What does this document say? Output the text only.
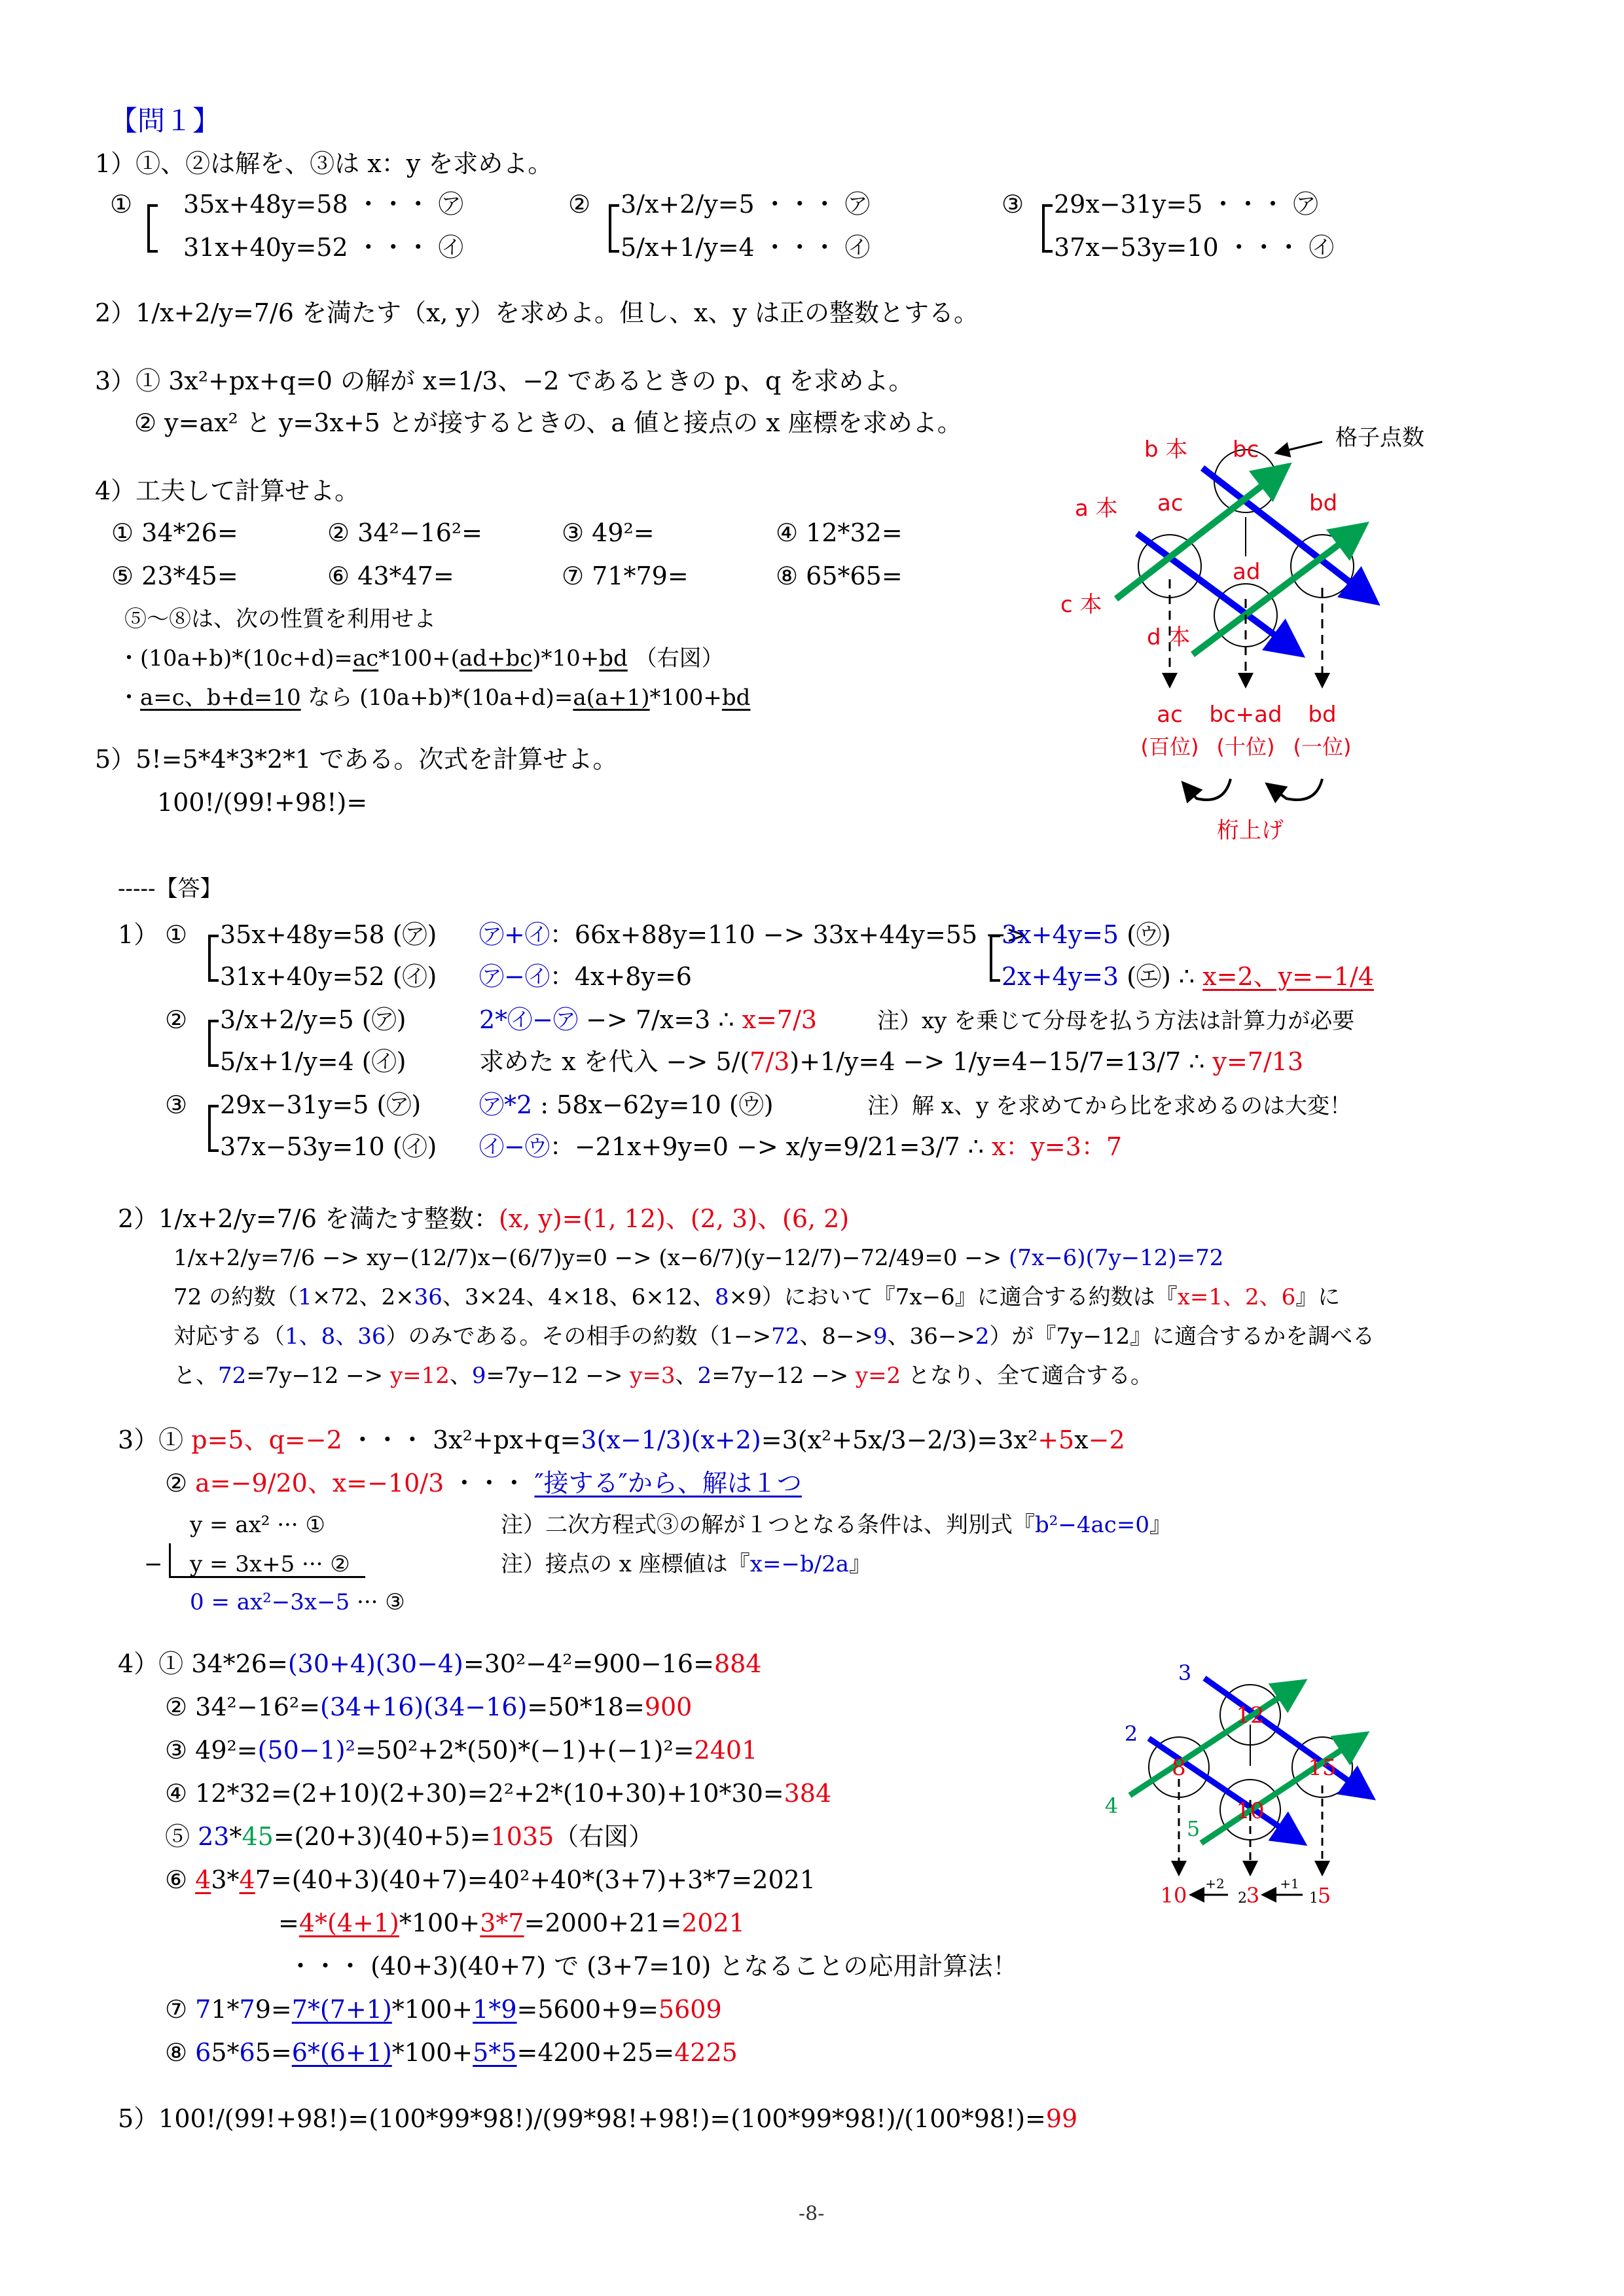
【問１】
1）①、②は解を、③は x：y を求めよ。
① 35x+48y=58 ・・・ ㋐
31x+40y=52 ・・・ ㋑
② 3/x+2/y=5 ・・・ ㋐
5/x+1/y=4 ・・・ ㋑
③ 29x−31y=5 ・・・ ㋐
37x−53y=10 ・・・ ㋑
2）1/x+2/y=7/6 を満たす（x, y）を求めよ。但し、x、y は正の整数とする。
3）① 3x²+px+q=0 の解が x=1/3、−2 であるときの p、q を求めよ。
② y=ax² と y=3x+5 とが接するときの、a 値と接点の x 座標を求めよ。
4）工夫して計算せよ。
① 34*26=	② 34²−16²=	③ 49²=	④ 12*32=
⑤ 23*45=	⑥ 43*47=	⑦ 71*79=	⑧ 65*65=
⑤〜⑧は、次の性質を利用せよ
・(10a+b)*(10c+d)=ac*100+(ad+bc)*10+bd （右図）
・a=c、b+d=10 なら (10a+b)*(10a+d)=a(a+1)*100+bd
5）5!=5*4*3*2*1 である。次式を計算せよ。
100!/(99!+98!)=
格子点数
b 本
a 本
c 本
d 本
bc
ac	bd
ad
ac bc+ad bd
(百位) (十位) (一位)
桁上げ
-----【答】
1） ① 35x+48y=58 (㋐)
31x+40y=52 (㋑)
㋐+㋑：66x+88y=110 −> 33x+44y=55 −>
㋐−㋑：4x+8y=6
3x+4y=5 (㋒)
2x+4y=3 (㋓) ∴ x=2、y=−1/4
② 3/x+2/y=5 (㋐)
5/x+1/y=4 (㋑)
2*㋑−㋐ −> 7/x=3 ∴ x=7/3	注）xy を乗じて分母を払う方法は計算力が必要
求めた x を代入 −> 5/(7/3)+1/y=4 −> 1/y=4−15/7=13/7 ∴ y=7/13
③ 29x−31y=5 (㋐)
37x−53y=10 (㋑)
㋐*2 : 58x−62y=10 (㋒)	注）解 x、y を求めてから比を求めるのは大変！
㋑−㋒：−21x+9y=0 −> x/y=9/21=3/7 ∴ x：y=3：7
2）1/x+2/y=7/6 を満たす整数：(x, y)=(1, 12)、(2, 3)、(6, 2)
1/x+2/y=7/6 −> xy−(12/7)x−(6/7)y=0 −> (x−6/7)(y−12/7)−72/49=0 −> (7x−6)(7y−12)=72
72 の約数（1×72、2×36、3×24、4×18、6×12、8×9）において『7x−6』に適合する約数は『x=1、2、6』に
対応する（1、8、36）のみである。その相手の約数（1−>72、8−>9、36−>2）が『7y−12』に適合するかを調べる
と、72=7y−12 −> y=12、9=7y−12 −> y=3、2=7y−12 −> y=2 となり、全て適合する。
3）① p=5、q=−2 ・・・ 3x²+px+q=3(x−1/3)(x+2)=3(x²+5x/3−2/3)=3x²+5x−2
② a=−9/20、x=−10/3 ・・・ ″接する″から、解は１つ
y = ax² ··· ①
− y = 3x+5 ··· ②
0 = ax²−3x−5 ··· ③
注）二次方程式③の解が１つとなる条件は、判別式『b²−4ac=0』
注）接点の x 座標値は『x=−b/2a』
4）① 34*26=(30+4)(30−4)=30²−4²=900−16=884
② 34²−16²=(34+16)(34−16)=50*18=900
③ 49²=(50−1)²=50²+2*(50)*(−1)+(−1)²=2401
④ 12*32=(2+10)(2+30)=2²+2*(10+30)+10*30=384
⑤ 23*45=(20+3)(40+5)=1035（右図）
⑥ 43*47=(40+3)(40+7)=40²+40*(3+7)+3*7=2021
=4*(4+1)*100+3*7=2000+21=2021
・・・ (40+3)(40+7) で (3+7=10) となることの応用計算法！
⑦ 71*79=7*(7+1)*100+1*9=5600+9=5609
⑧ 65*65=6*(6+1)*100+5*5=4200+25=4225
5）100!/(99!+98!)=(100*99*98!)/(99*98!+98!)=(100*99*98!)/(100*98!)=99
3
2
4
5
12
8	15
10
10	2
3	1
5
+2	+1
-8-
